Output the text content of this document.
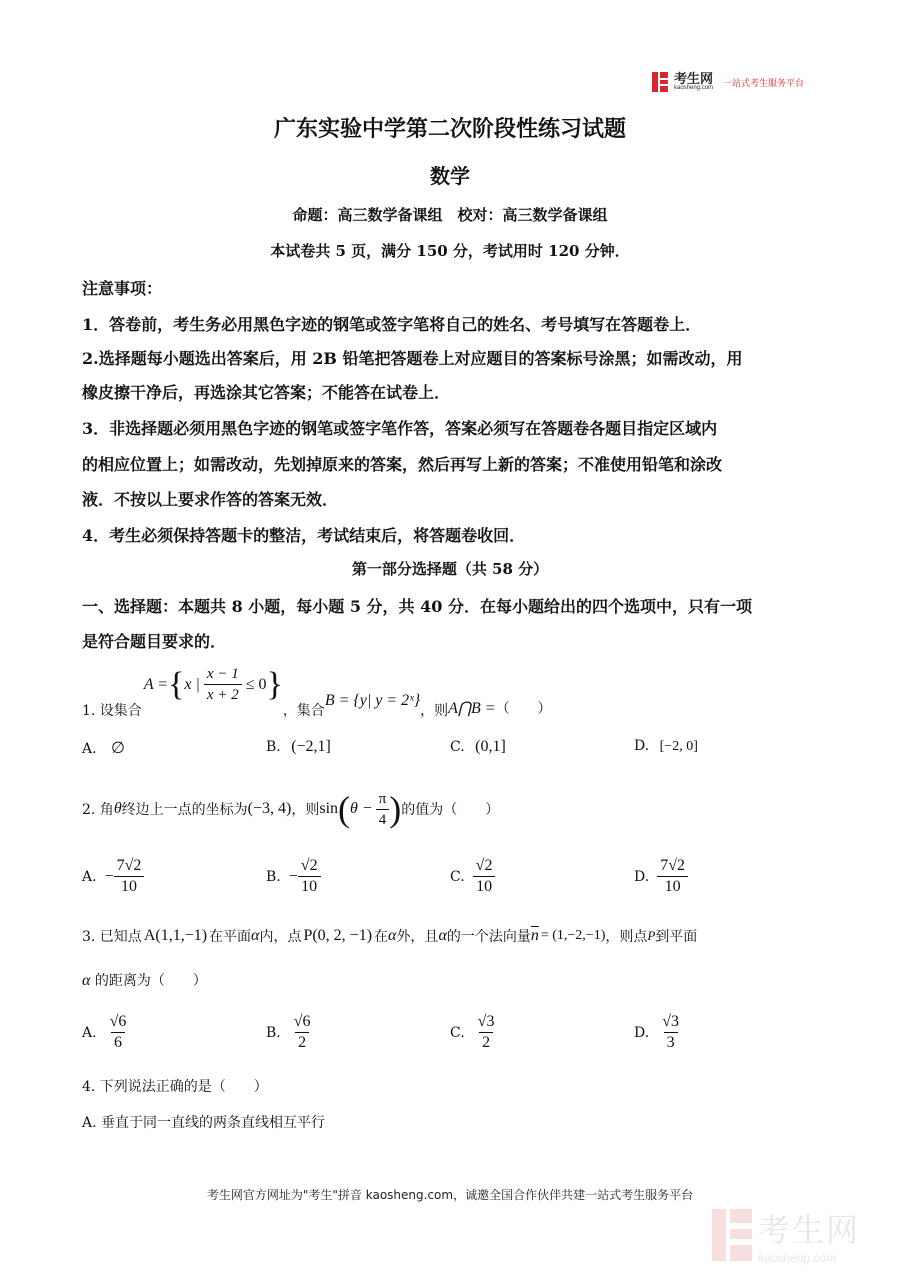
考生网
kaosheng.com
一站式考生服务平台
广东实验中学第二次阶段性练习试题
数学
命题：高三数学备课组　校对：高三数学备课组
本试卷共 5 页，满分 150 分，考试用时 120 分钟．
注意事项：
1．答卷前，考生务必用黑色字迹的钢笔或签字笔将自己的姓名、考号填写在答题卷上．
2.选择题每小题选出答案后，用 2B 铅笔把答题卷上对应题目的答案标号涂黑；如需改动，用
橡皮擦干净后，再选涂其它答案；不能答在试卷上．
3．非选择题必须用黑色字迹的钢笔或签字笔作答，答案必须写在答题卷各题目指定区域内
的相应位置上；如需改动，先划掉原来的答案，然后再写上新的答案；不准使用铅笔和涂改
液．不按以上要求作答的答案无效．
4．考生必须保持答题卡的整洁，考试结束后，将答题卷收回．
第一部分选择题（共 58 分）
一、选择题：本题共 8 小题，每小题 5 分，共 40 分．在每小题给出的四个选项中，只有一项
是符合题目要求的．
1. 设集合
A = { x | $\frac{x - 1}{x + 2} \le 0$ }
，集合
B = {y| y = 2ˣ}
，则 A⋂B = （　　）
A. ∅	B. (−2,1]	C. (0,1]	D. [−2, 0]
2. 角 θ 终边上一点的坐标为 (−3, 4) ，则 sin ( $\theta - \frac{\pi}{4}$ ) 的值为（　　）
A. − $\frac{7√2}{10}$	B. − $\frac{√2}{10}$	C. $\frac{√2}{10}$	D. $\frac{7√2}{10}$
3. 已知点 A(1,1,−1) 在平面 α 内，点 P(0, 2, −1) 在 α 外，且 α 的一个法向量 $\overline{n} = (1,-2,-1)$ ，则点 P 到平面
α 的距离为（　　）
A. $\frac{√6}{6}$	B. $\frac{√6}{2}$	C. $\frac{√3}{2}$	D. $\frac{√3}{3}$
4. 下列说法正确的是（　　）
A. 垂直于同一直线的两条直线相互平行
考生网官方网址为"考生"拼音 kaosheng.com，诚邀全国合作伙伴共建一站式考生服务平台
考生网
kaosheng.com
